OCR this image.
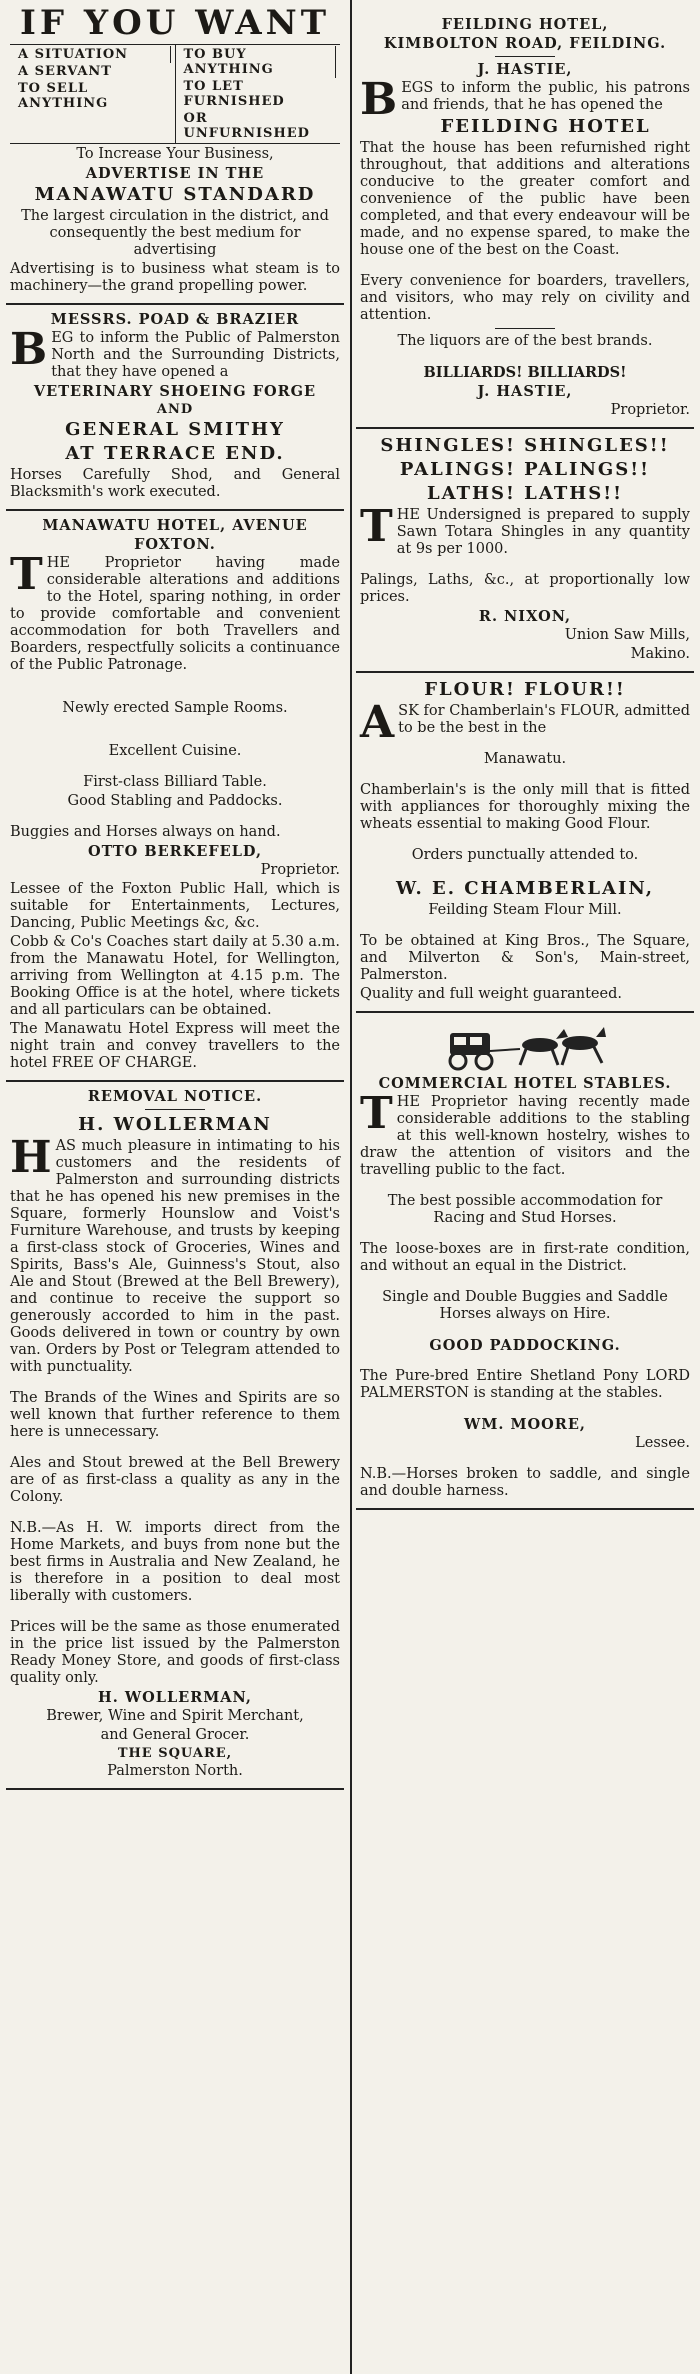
IF YOU WANT
A SITUATION
A SERVANT
TO SELL ANYTHING
TO BUY ANYTHING
TO LET FURNISHED
OR UNFURNISHED

To Increase Your Business,

ADVERTISE IN THE

MANAWATU STANDARD

The largest circulation in the district, and consequently the best medium for advertising

Advertising is to business what steam is to machinery—the grand propelling power.

MESSRS. POAD & BRAZIER

BEG to inform the Public of Palmerston North and the Surrounding Districts, that they have opened a

VETERINARY SHOEING FORGE

AND

GENERAL SMITHY

AT TERRACE END.

Horses Carefully Shod, and General Blacksmith's work executed.

MANAWATU HOTEL, AVENUE

FOXTON.

THE Proprietor having made considerable alterations and additions to the Hotel, sparing nothing, in order to provide comfortable and convenient accommodation for both Travellers and Boarders, respectfully solicits a continuance of the Public Patronage.

Newly erected Sample Rooms.

Excellent Cuisine.

First-class Billiard Table.

Good Stabling and Paddocks.

Buggies and Horses always on hand.

OTTO BERKEFELD,

Proprietor.

Lessee of the Foxton Public Hall, which is suitable for Entertainments, Lectures, Dancing, Public Meetings &c, &c.

Cobb & Co's Coaches start daily at 5.30 a.m. from the Manawatu Hotel, for Wellington, arriving from Wellington at 4.15 p.m. The Booking Office is at the hotel, where tickets and all particulars can be obtained.

The Manawatu Hotel Express will meet the night train and convey travellers to the hotel FREE OF CHARGE.

REMOVAL NOTICE.

H. WOLLERMAN

HAS much pleasure in intimating to his customers and the residents of Palmerston and surrounding districts that he has opened his new premises in the Square, formerly Hounslow and Voist's Furniture Warehouse, and trusts by keeping a first-class stock of Groceries, Wines and Spirits, Bass's Ale, Guinness's Stout, also Ale and Stout (Brewed at the Bell Brewery), and continue to receive the support so generously accorded to him in the past. Goods delivered in town or country by own van. Orders by Post or Telegram attended to with punctuality.

The Brands of the Wines and Spirits are so well known that further reference to them here is unnecessary.

Ales and Stout brewed at the Bell Brewery are of as first-class a quality as any in the Colony.

N.B.—As H. W. imports direct from the Home Markets, and buys from none but the best firms in Australia and New Zealand, he is therefore in a position to deal most liberally with customers.

Prices will be the same as those enumerated in the price list issued by the Palmerston Ready Money Store, and goods of first-class quality only.

H. WOLLERMAN,

Brewer, Wine and Spirit Merchant,

and General Grocer.

THE SQUARE,

Palmerston North.

FEILDING HOTEL,

KIMBOLTON ROAD, FEILDING.

J. HASTIE,

BEGS to inform the public, his patrons and friends, that he has opened the

FEILDING HOTEL

That the house has been refurnished right throughout, that additions and alterations conducive to the greater comfort and convenience of the public have been completed, and that every endeavour will be made, and no expense spared, to make the house one of the best on the Coast.

Every convenience for boarders, travellers, and visitors, who may rely on civility and attention.

The liquors are of the best brands.

BILLIARDS! BILLIARDS!

J. HASTIE,

Proprietor.

SHINGLES! SHINGLES!!

PALINGS! PALINGS!!

LATHS! LATHS!!

THE Undersigned is prepared to supply Sawn Totara Shingles in any quantity at 9s per 1000.

Palings, Laths, &c., at proportionally low prices.

R. NIXON,

Union Saw Mills,

Makino.

FLOUR! FLOUR!!

ASK for Chamberlain's FLOUR, admitted to be the best in the

Manawatu.

Chamberlain's is the only mill that is fitted with appliances for thoroughly mixing the wheats essential to making Good Flour.

Orders punctually attended to.

W. E. CHAMBERLAIN,

Feilding Steam Flour Mill.

To be obtained at King Bros., The Square, and Milverton & Son's, Main-street, Palmerston.

Quality and full weight guaranteed.

COMMERCIAL HOTEL STABLES.

THE Proprietor having recently made considerable additions to the stabling at this well-known hostelry, wishes to draw the attention of visitors and the travelling public to the fact.

The best possible accommodation for Racing and Stud Horses.

The loose-boxes are in first-rate condition, and without an equal in the District.

Single and Double Buggies and Saddle Horses always on Hire.

GOOD PADDOCKING.

The Pure-bred Entire Shetland Pony LORD PALMERSTON is standing at the stables.

WM. MOORE,

Lessee.

N.B.—Horses broken to saddle, and single and double harness.
